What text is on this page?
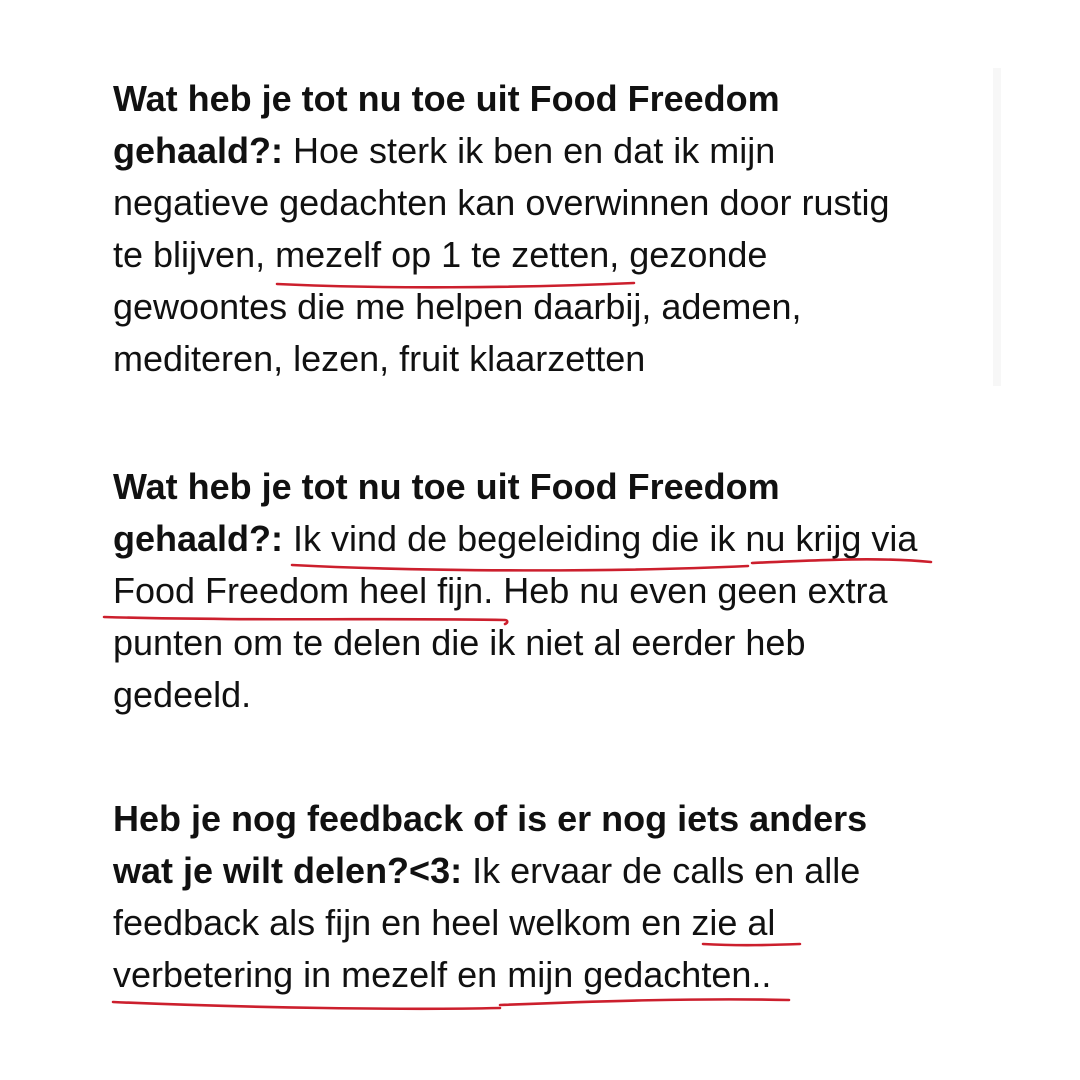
Wat heb je tot nu toe uit Food Freedom
gehaald?: Hoe sterk ik ben en dat ik mijn
negatieve gedachten kan overwinnen door rustig
te blijven, mezelf op 1 te zetten, gezonde
gewoontes die me helpen daarbij, ademen,
mediteren, lezen, fruit klaarzetten
Wat heb je tot nu toe uit Food Freedom
gehaald?: Ik vind de begeleiding die ik nu krijg via
Food Freedom heel fijn. Heb nu even geen extra
punten om te delen die ik niet al eerder heb
gedeeld.
Heb je nog feedback of is er nog iets anders
wat je wilt delen?<3: Ik ervaar de calls en alle
feedback als fijn en heel welkom en zie al
verbetering in mezelf en mijn gedachten..
